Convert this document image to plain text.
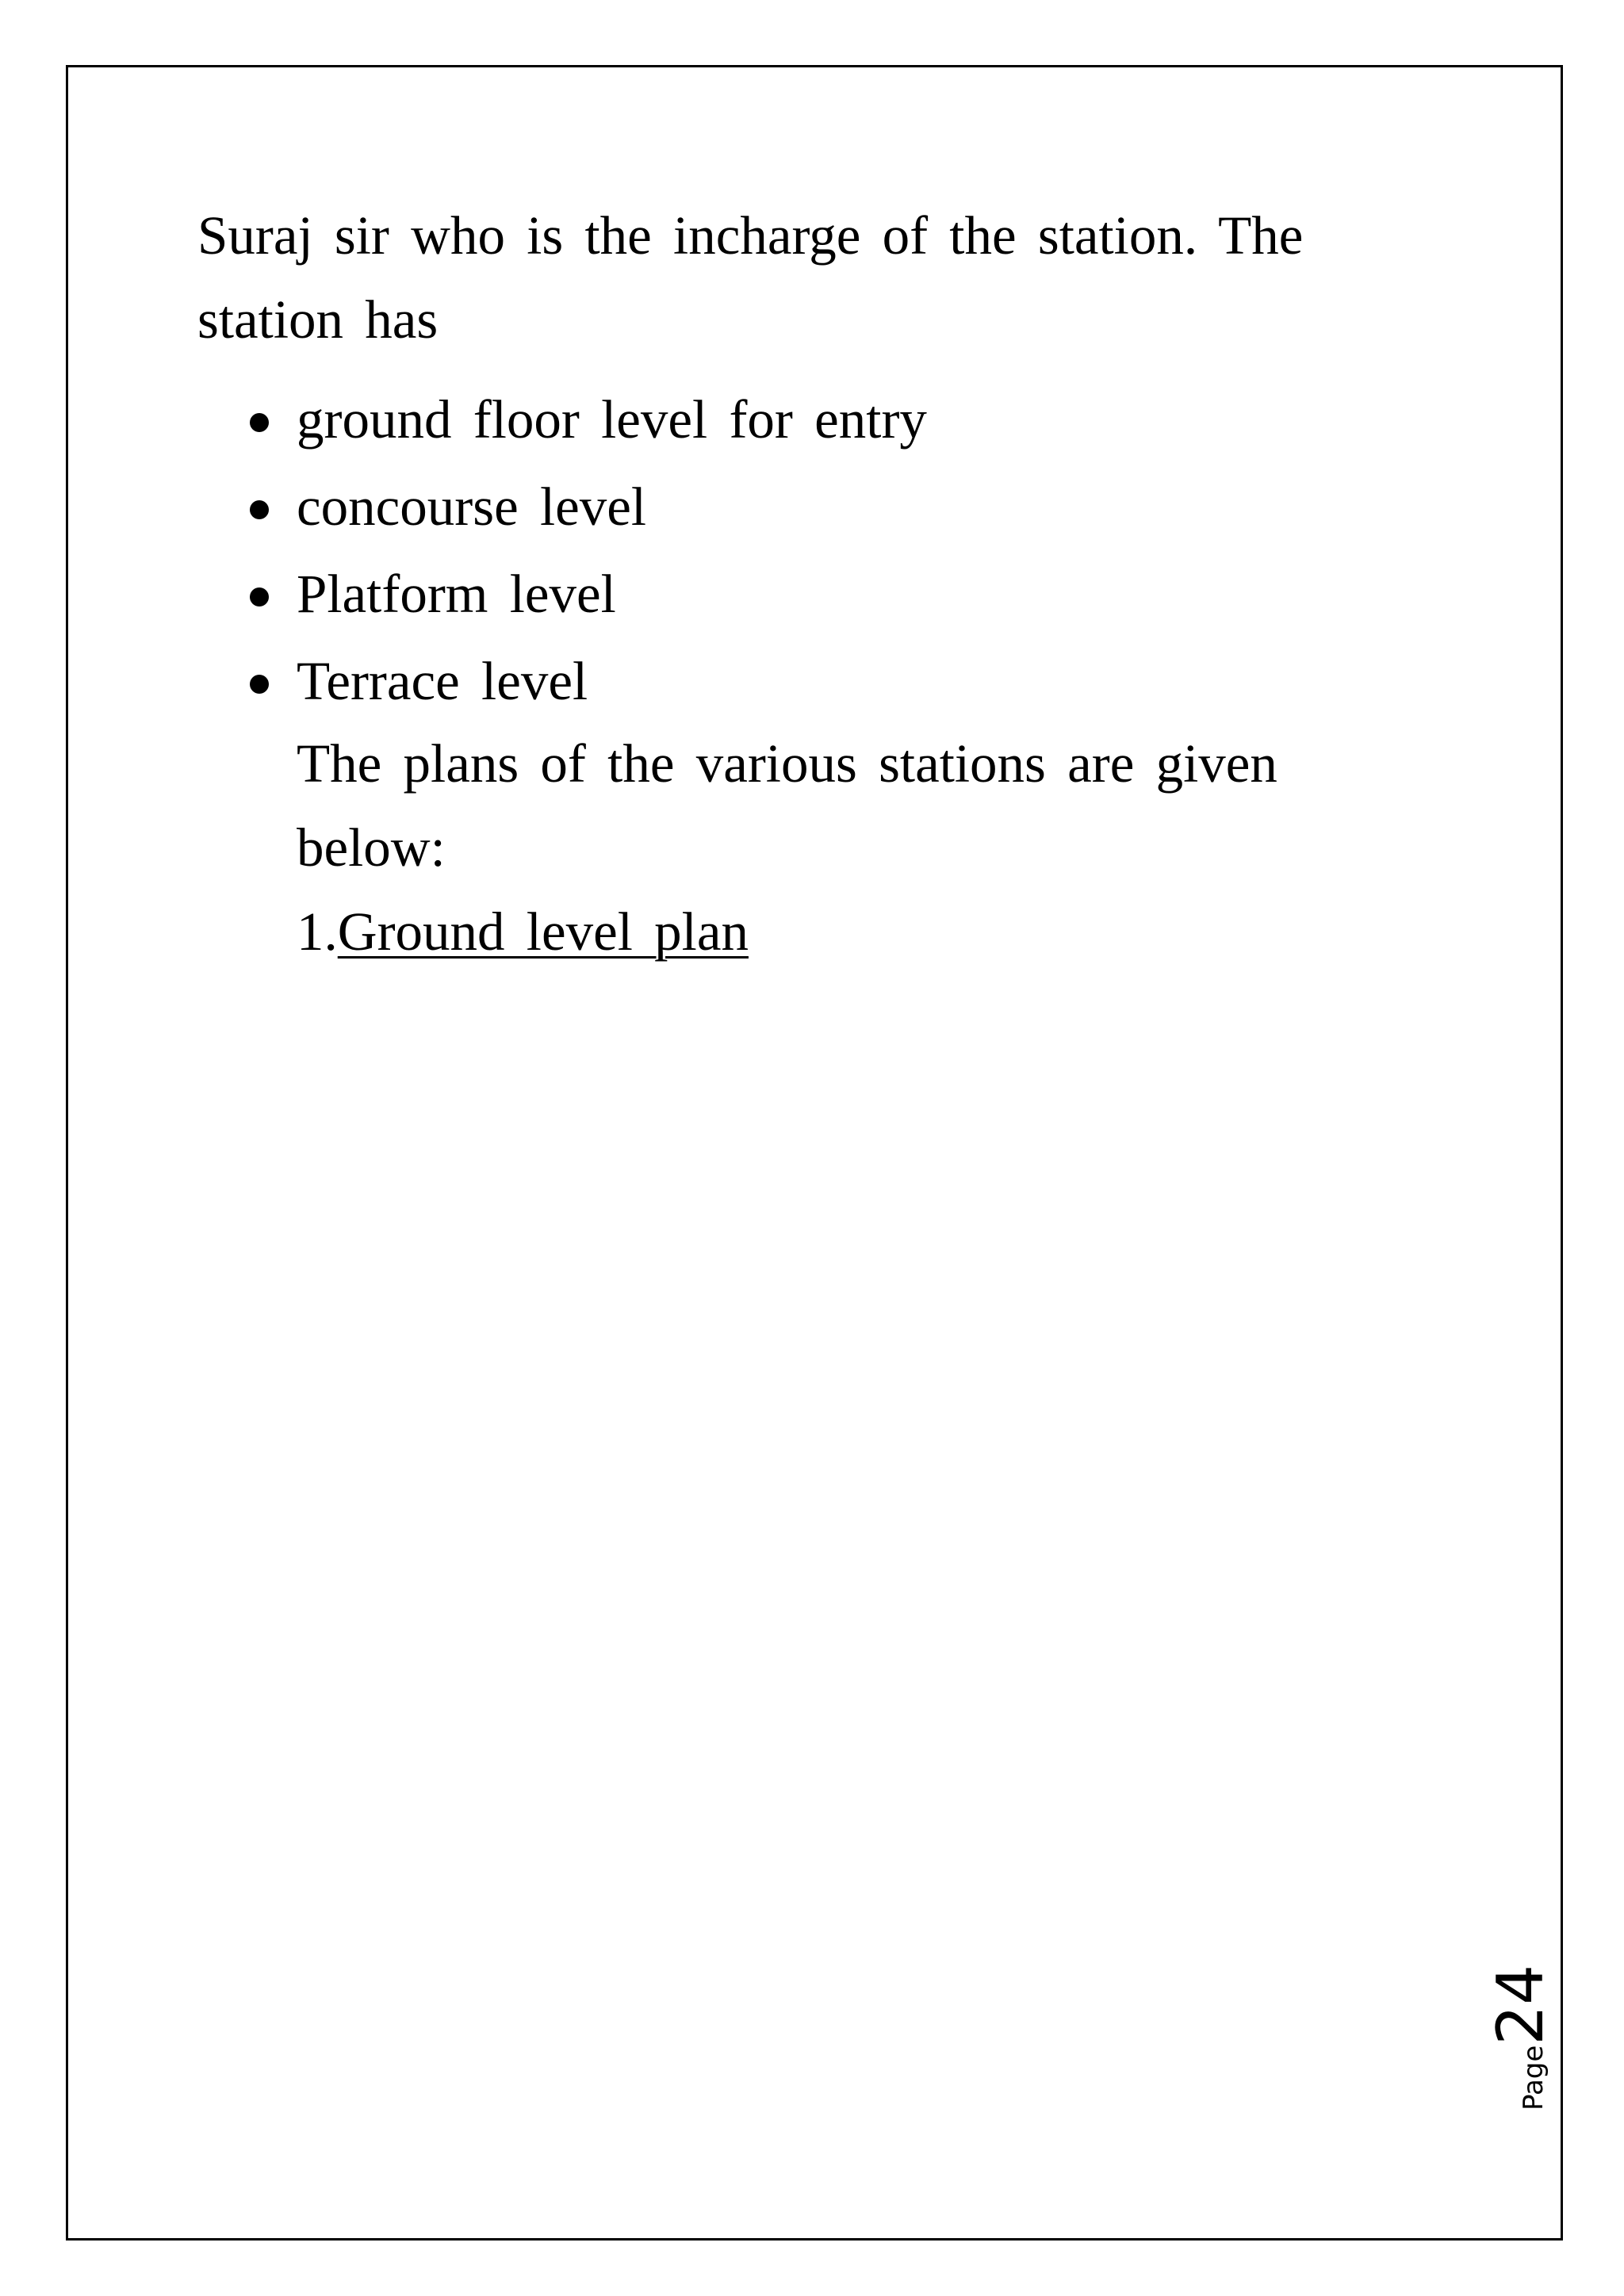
Suraj sir who is the incharge of the station. The station has

ground floor level for entry
concourse level
Platform level
Terrace level

The plans of the various stations are given below:

1.Ground level plan

Page24
